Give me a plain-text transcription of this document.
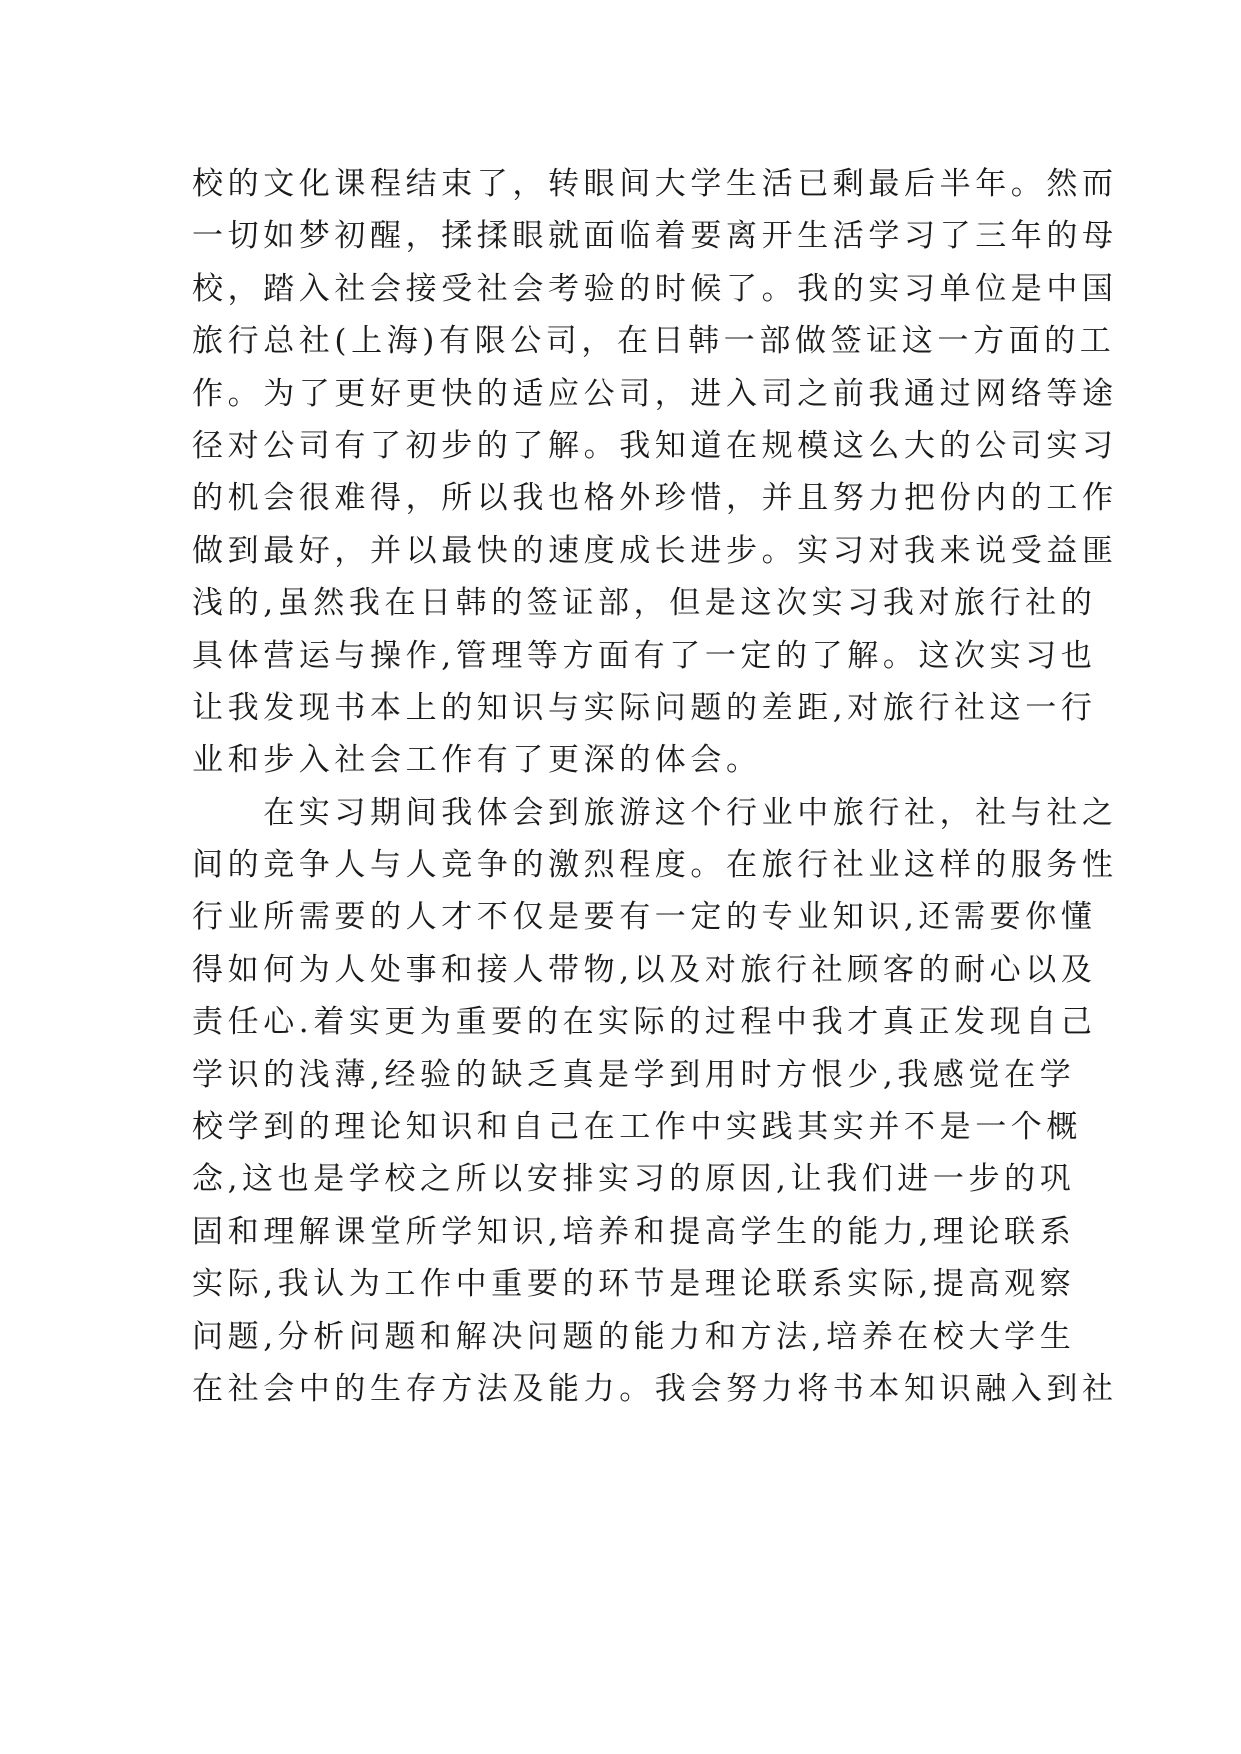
校的文化课程结束了，转眼间大学生活已剩最后半年。然而
一切如梦初醒，揉揉眼就面临着要离开生活学习了三年的母
校，踏入社会接受社会考验的时候了。我的实习单位是中国
旅行总社(上海)有限公司，在日韩一部做签证这一方面的工
作。为了更好更快的适应公司，进入司之前我通过网络等途
径对公司有了初步的了解。我知道在规模这么大的公司实习
的机会很难得，所以我也格外珍惜，并且努力把份内的工作
做到最好，并以最快的速度成长进步。实习对我来说受益匪
浅的,虽然我在日韩的签证部，但是这次实习我对旅行社的
具体营运与操作,管理等方面有了一定的了解。这次实习也
让我发现书本上的知识与实际问题的差距,对旅行社这一行
业和步入社会工作有了更深的体会。
　　在实习期间我体会到旅游这个行业中旅行社，社与社之
间的竞争人与人竞争的激烈程度。在旅行社业这样的服务性
行业所需要的人才不仅是要有一定的专业知识,还需要你懂
得如何为人处事和接人带物,以及对旅行社顾客的耐心以及
责任心.着实更为重要的在实际的过程中我才真正发现自己
学识的浅薄,经验的缺乏真是学到用时方恨少,我感觉在学
校学到的理论知识和自己在工作中实践其实并不是一个概
念,这也是学校之所以安排实习的原因,让我们进一步的巩
固和理解课堂所学知识,培养和提高学生的能力,理论联系
实际,我认为工作中重要的环节是理论联系实际,提高观察
问题,分析问题和解决问题的能力和方法,培养在校大学生
在社会中的生存方法及能力。我会努力将书本知识融入到社
